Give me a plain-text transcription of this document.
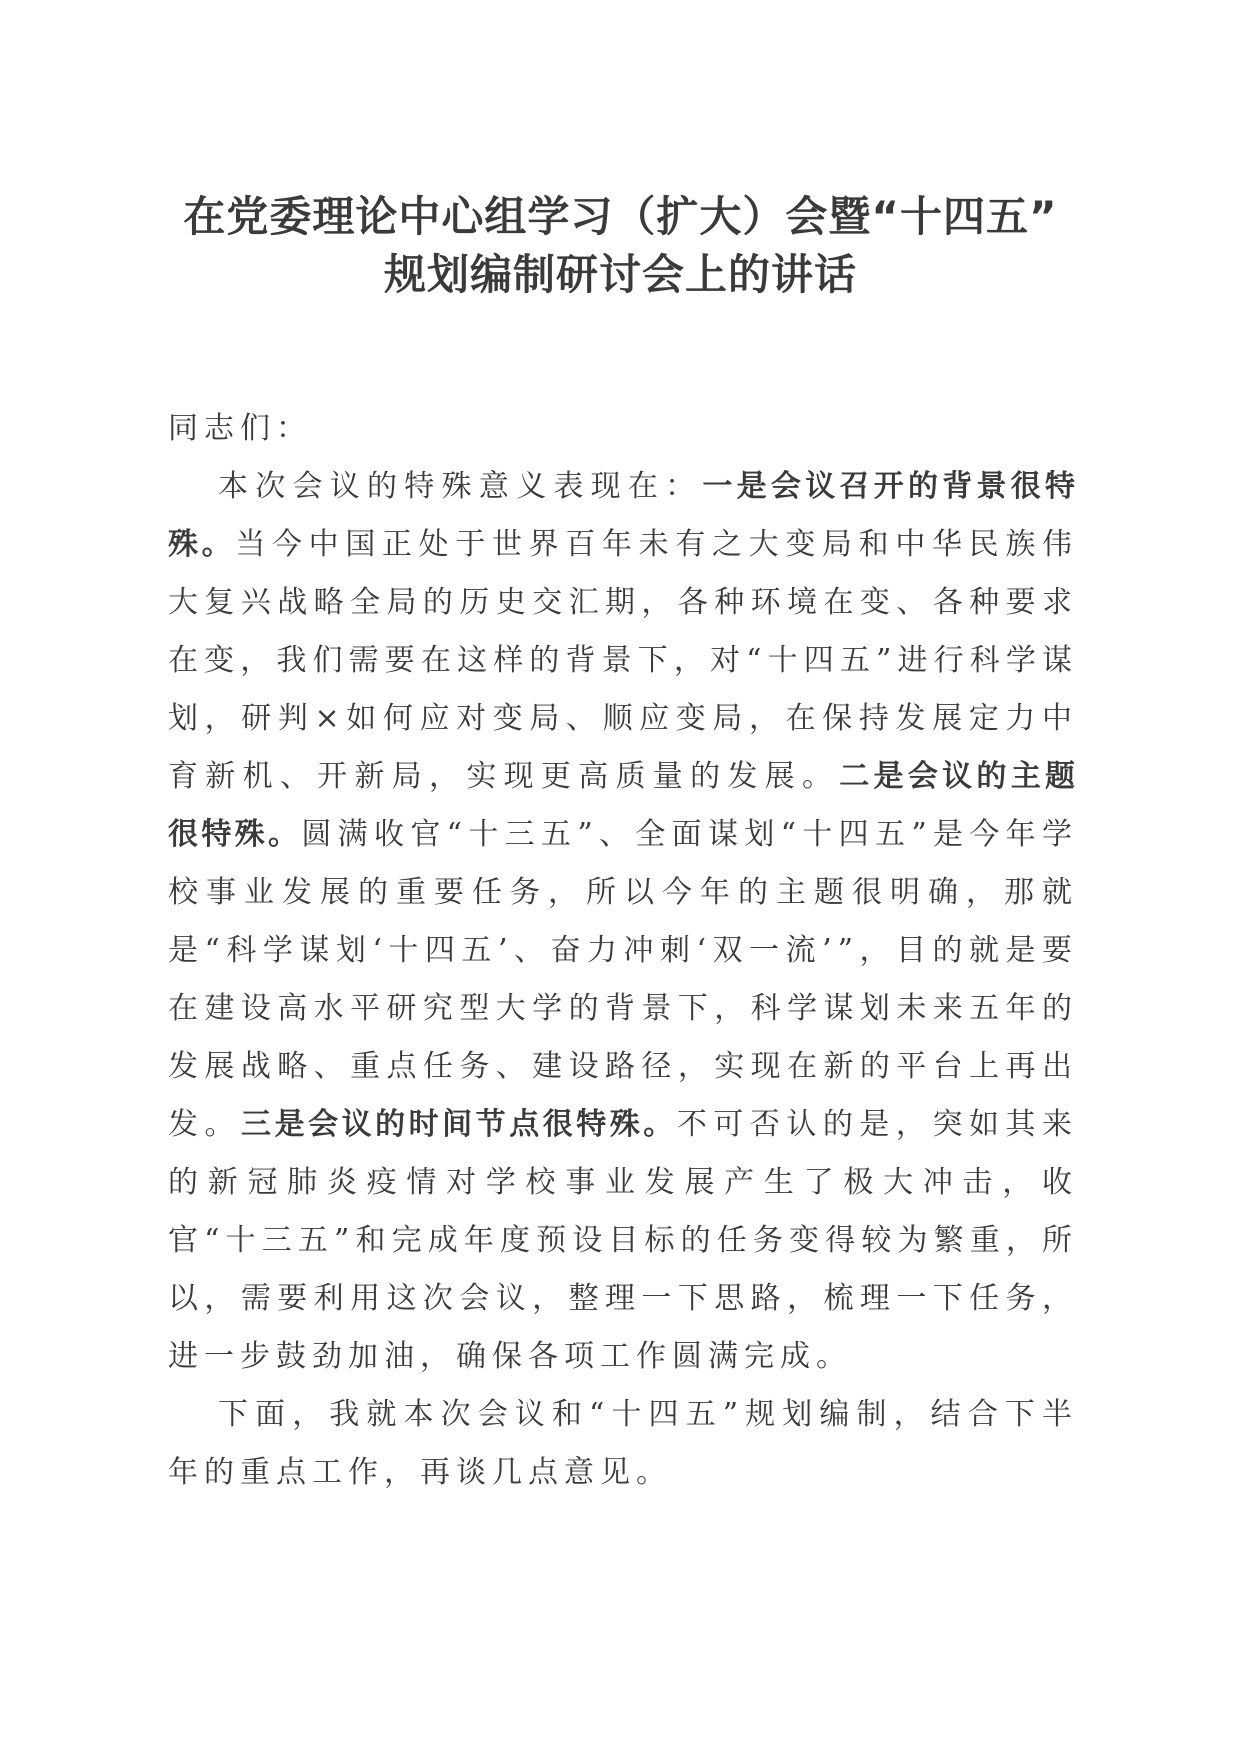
在党委理论中心组学习（扩大）会暨“十四五”
规划编制研讨会上的讲话

同志们：

本次会议的特殊意义表现在：一是会议召开的背景很特殊。当今中国正处于世界百年未有之大变局和中华民族伟大复兴战略全局的历史交汇期，各种环境在变、各种要求在变，我们需要在这样的背景下，对“十四五”进行科学谋划，研判×如何应对变局、顺应变局，在保持发展定力中育新机、开新局，实现更高质量的发展。二是会议的主题很特殊。圆满收官“十三五”、全面谋划“十四五”是今年学校事业发展的重要任务，所以今年的主题很明确，那就是“科学谋划‘十四五’、奋力冲刺‘双一流’”，目的就是要在建设高水平研究型大学的背景下，科学谋划未来五年的发展战略、重点任务、建设路径，实现在新的平台上再出发。三是会议的时间节点很特殊。不可否认的是，突如其来的新冠肺炎疫情对学校事业发展产生了极大冲击，收官“十三五”和完成年度预设目标的任务变得较为繁重，所以，需要利用这次会议，整理一下思路，梳理一下任务，进一步鼓劲加油，确保各项工作圆满完成。

下面，我就本次会议和“十四五”规划编制，结合下半年的重点工作，再谈几点意见。
